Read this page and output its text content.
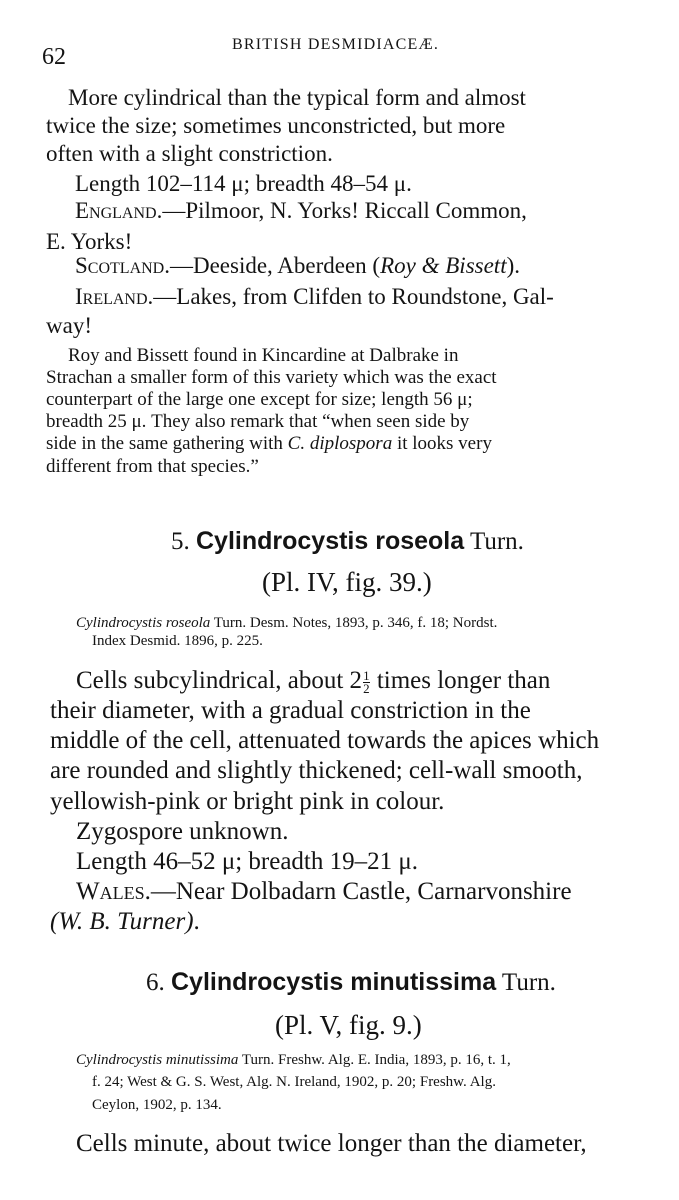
62	BRITISH DESMIDIACEÆ.
More cylindrical than the typical form and almost
twice the size; sometimes unconstricted, but more
often with a slight constriction.
Length 102–114 μ; breadth 48–54 μ.
England.—Pilmoor, N. Yorks! Riccall Common,
E. Yorks!
Scotland.—Deeside, Aberdeen (Roy & Bissett).
Ireland.—Lakes, from Clifden to Roundstone, Gal-
way!
Roy and Bissett found in Kincardine at Dalbrake in
Strachan a smaller form of this variety which was the exact
counterpart of the large one except for size; length 56 μ;
breadth 25 μ. They also remark that “when seen side by
side in the same gathering with C. diplospora it looks very
different from that species.”
5. Cylindrocystis roseola Turn.
(Pl. IV, fig. 39.)
Cylindrocystis roseola Turn. Desm. Notes, 1893, p. 346, f. 18; Nordst.
Index Desmid. 1896, p. 225.
Cells subcylindrical, about $2 \frac{1}{2}$ times longer than
their diameter, with a gradual constriction in the
middle of the cell, attenuated towards the apices which
are rounded and slightly thickened; cell-wall smooth,
yellowish-pink or bright pink in colour.
Zygospore unknown.
Length 46–52 μ; breadth 19–21 μ.
Wales.—Near Dolbadarn Castle, Carnarvonshire
(W. B. Turner).
6. Cylindrocystis minutissima Turn.
(Pl. V, fig. 9.)
Cylindrocystis minutissima Turn. Freshw. Alg. E. India, 1893, p. 16, t. 1,
f. 24; West & G. S. West, Alg. N. Ireland, 1902, p. 20; Freshw. Alg.
Ceylon, 1902, p. 134.
Cells minute, about twice longer than the diameter,
